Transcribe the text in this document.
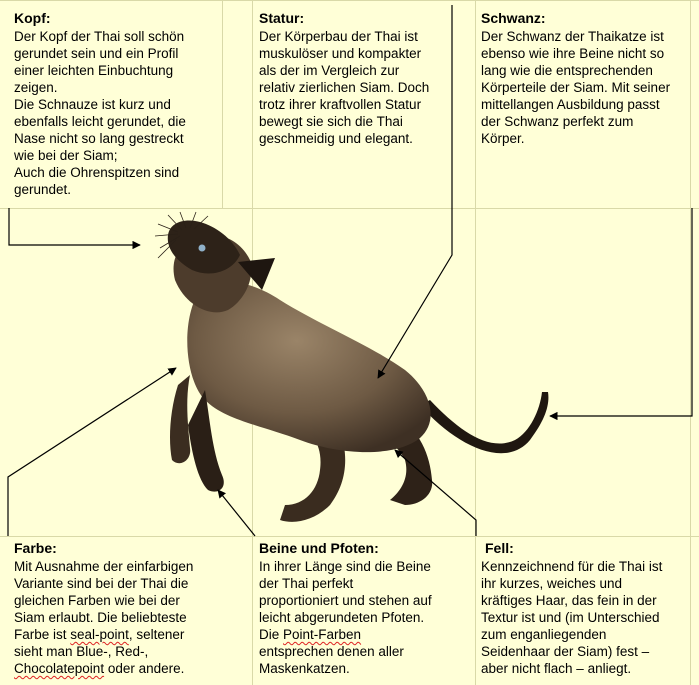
Kopf:

Der Kopf der Thai soll schön

gerundet sein und ein Profil

einer leichten Einbuchtung

zeigen.

Die Schnauze ist kurz und

ebenfalls leicht gerundet, die

Nase nicht so lang gestreckt

wie bei der Siam;

Auch die Ohrenspitzen sind

gerundet.

Statur:

Der Körperbau der Thai ist

muskulöser und kompakter

als der im Vergleich zur

relativ zierlichen Siam. Doch

trotz ihrer kraftvollen Statur

bewegt sie sich die Thai

geschmeidig und elegant.

Schwanz:

Der Schwanz der Thaikatze ist

ebenso wie ihre Beine nicht so

lang wie die entsprechenden

Körperteile der Siam. Mit seiner

mittellangen Ausbildung passt

der Schwanz perfekt zum

Körper.

Farbe:

Mit Ausnahme der einfarbigen

Variante sind bei der Thai die

gleichen Farben wie bei der

Siam erlaubt. Die beliebteste

Farbe ist seal-point, seltener

sieht man Blue-, Red-,

Chocolatepoint oder andere.

Beine und Pfoten:

In ihrer Länge sind die Beine

der Thai perfekt

proportioniert und stehen auf

leicht abgerundeten Pfoten.

Die Point-Farben

entsprechen denen aller

Maskenkatzen.

Fell:

Kennzeichnend für die Thai ist

ihr kurzes, weiches und

kräftiges Haar, das fein in der

Textur ist und (im Unterschied

zum enganliegenden

Seidenhaar der Siam) fest –

aber nicht flach – anliegt.
